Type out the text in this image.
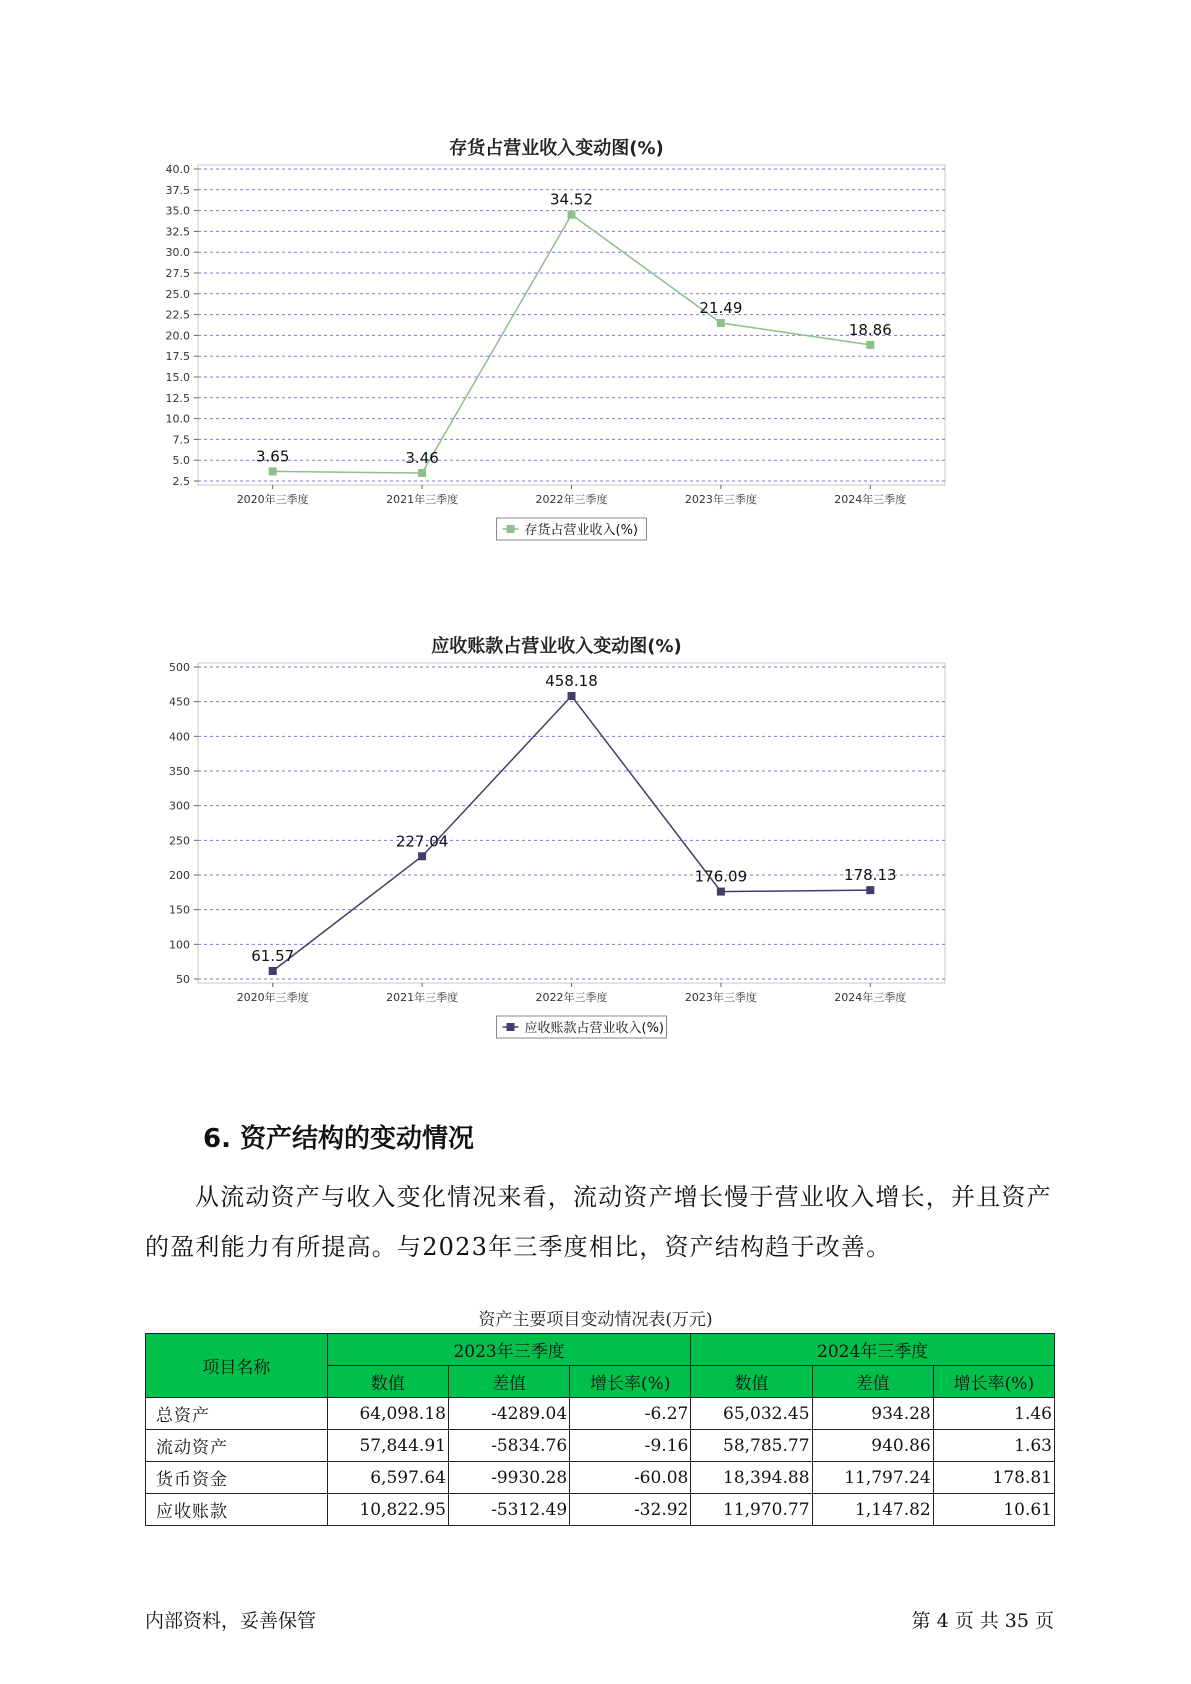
存货占营业收入变动图(%)
2.5
5.0
7.5
10.0
12.5
15.0
17.5
20.0
22.5
25.0
27.5
30.0
32.5
35.0
37.5
40.0
2020年三季度	2021年三季度	2022年三季度	2023年三季度	2024年三季度
3.65	3.46
34.52
21.49
18.86
存货占营业收入(%)
应收账款占营业收入变动图(%)
50
100
150
200
250
300
350
400
450
500
2020年三季度	2021年三季度	2022年三季度	2023年三季度	2024年三季度
61.57
227.04
458.18
176.09	178.13
应收账款占营业收入(%)
6. 资产结构的变动情况

从流动资产与收入变化情况来看，流动资产增长慢于营业收入增长，并且资产的盈利能力有所提高。与2023年三季度相比，资产结构趋于改善。

资产主要项目变动情况表(万元)
项目名称	2023年三季度			2024年三季度		
	数值	差值	增长率(%)	数值	差值	增长率(%)
总资产	64,098.18	-4289.04	-6.27	65,032.45	934.28	1.46
流动资产	57,844.91	-5834.76	-9.16	58,785.77	940.86	1.63
货币资金	6,597.64	-9930.28	-60.08	18,394.88	11,797.24	178.81
应收账款	10,822.95	-5312.49	-32.92	11,970.77	1,147.82	10.61
内部资料，妥善保管	第 4 页 共 35 页
